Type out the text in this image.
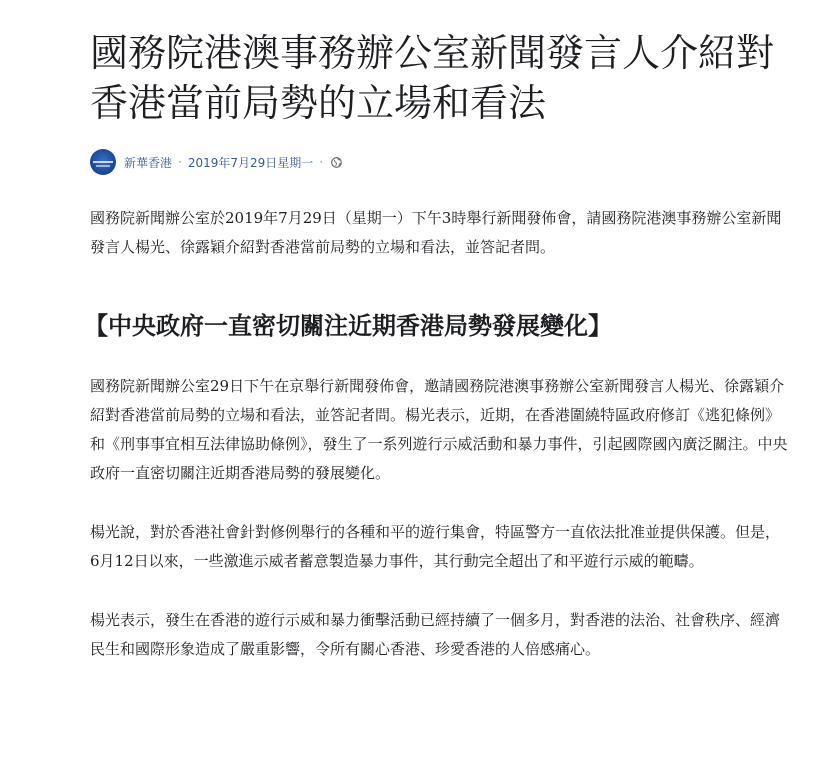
國務院港澳事務辦公室新聞發言人介紹對香港當前局勢的立場和看法
新華香港 · 2019年7月29日星期一 ·

國務院新聞辦公室於2019年7月29日（星期一）下午3時舉行新聞發佈會，請國務院港澳事務辦公室新聞發言人楊光、徐露穎介紹對香港當前局勢的立場和看法，並答記者問。

【中央政府一直密切關注近期香港局勢發展變化】

國務院新聞辦公室29日下午在京舉行新聞發佈會，邀請國務院港澳事務辦公室新聞發言人楊光、徐露穎介紹對香港當前局勢的立場和看法，並答記者問。楊光表示，近期，在香港圍繞特區政府修訂《逃犯條例》和《刑事事宜相互法律協助條例》，發生了一系列遊行示威活動和暴力事件，引起國際國內廣泛關注。中央政府一直密切關注近期香港局勢的發展變化。

楊光說，對於香港社會針對修例舉行的各種和平的遊行集會，特區警方一直依法批准並提供保護。但是，6月12日以來，一些激進示威者蓄意製造暴力事件，其行動完全超出了和平遊行示威的範疇。

楊光表示，發生在香港的遊行示威和暴力衝擊活動已經持續了一個多月，對香港的法治、社會秩序、經濟民生和國際形象造成了嚴重影響，令所有關心香港、珍愛香港的人倍感痛心。
